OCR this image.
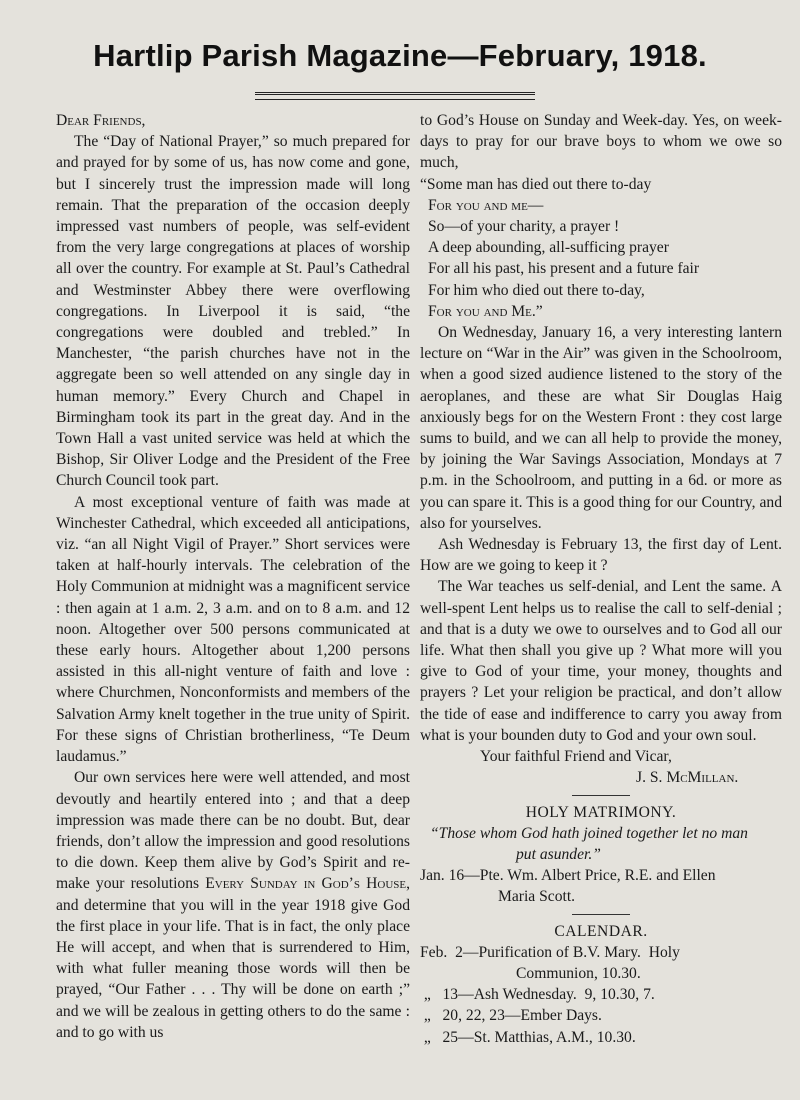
Hartlip Parish Magazine—February, 1918.

Dear Friends,

The “Day of National Prayer,” so much prepared for and prayed for by some of us, has now come and gone, but I sincerely trust the impression made will long remain. That the preparation of the occasion deeply impressed vast numbers of people, was self-evident from the very large congregations at places of worship all over the country. For example at St. Paul’s Cathedral and Westminster Abbey there were overflowing congregations. In Liverpool it is said, “the congregations were doubled and trebled.” In Manchester, “the parish churches have not in the aggregate been so well attended on any single day in human memory.” Every Church and Chapel in Birmingham took its part in the great day. And in the Town Hall a vast united service was held at which the Bishop, Sir Oliver Lodge and the President of the Free Church Council took part.

A most exceptional venture of faith was made at Winchester Cathedral, which exceeded all anticipations, viz. “an all Night Vigil of Prayer.” Short services were taken at half-hourly intervals. The celebration of the Holy Communion at midnight was a magnificent service : then again at 1 a.m. 2, 3 a.m. and on to 8 a.m. and 12 noon. Altogether over 500 persons communicated at these early hours. Altogether about 1,200 persons assisted in this all-night venture of faith and love : where Churchmen, Nonconformists and members of the Salvation Army knelt together in the true unity of Spirit. For these signs of Christian brotherliness, “Te Deum laudamus.”

Our own services here were well attended, and most devoutly and heartily entered into ; and that a deep impression was made there can be no doubt. But, dear friends, don’t allow the impression and good resolutions to die down. Keep them alive by God’s Spirit and re-make your resolutions Every Sunday in God’s House, and determine that you will in the year 1918 give God the first place in your life. That is in fact, the only place He will accept, and when that is surrendered to Him, with what fuller meaning those words will then be prayed, “Our Father . . . Thy will be done on earth ;” and we will be zealous in getting others to do the same : and to go with us

to God’s House on Sunday and Week-day. Yes, on week-days to pray for our brave boys to whom we owe so much,

“Some man has died out there to-day

For you and me—

So—of your charity, a prayer !

A deep abounding, all-sufficing prayer

For all his past, his present and a future fair

For him who died out there to-day,

For you and Me.”

On Wednesday, January 16, a very interesting lantern lecture on “War in the Air” was given in the Schoolroom, when a good sized audience listened to the story of the aeroplanes, and these are what Sir Douglas Haig anxiously begs for on the Western Front : they cost large sums to build, and we can all help to provide the money, by joining the War Savings Association, Mondays at 7 p.m. in the Schoolroom, and putting in a 6d. or more as you can spare it. This is a good thing for our Country, and also for yourselves.

Ash Wednesday is February 13, the first day of Lent. How are we going to keep it ?

The War teaches us self-denial, and Lent the same. A well-spent Lent helps us to realise the call to self-denial ; and that is a duty we owe to ourselves and to God all our life. What then shall you give up ? What more will you give to God of your time, your money, thoughts and prayers ? Let your religion be practical, and don’t allow the tide of ease and indifference to carry you away from what is your bounden duty to God and your own soul.

Your faithful Friend and Vicar,

J. S. McMillan.

HOLY MATRIMONY.

“Those whom God hath joined together let no man

put asunder.”

Jan. 16—Pte. Wm. Albert Price, R.E. and Ellen

Maria Scott.

CALENDAR.

Feb.  2—Purification of B.V. Mary.  Holy

Communion, 10.30.

„   13—Ash Wednesday.  9, 10.30, 7.

„   20, 22, 23—Ember Days.

„   25—St. Matthias, A.M., 10.30.
